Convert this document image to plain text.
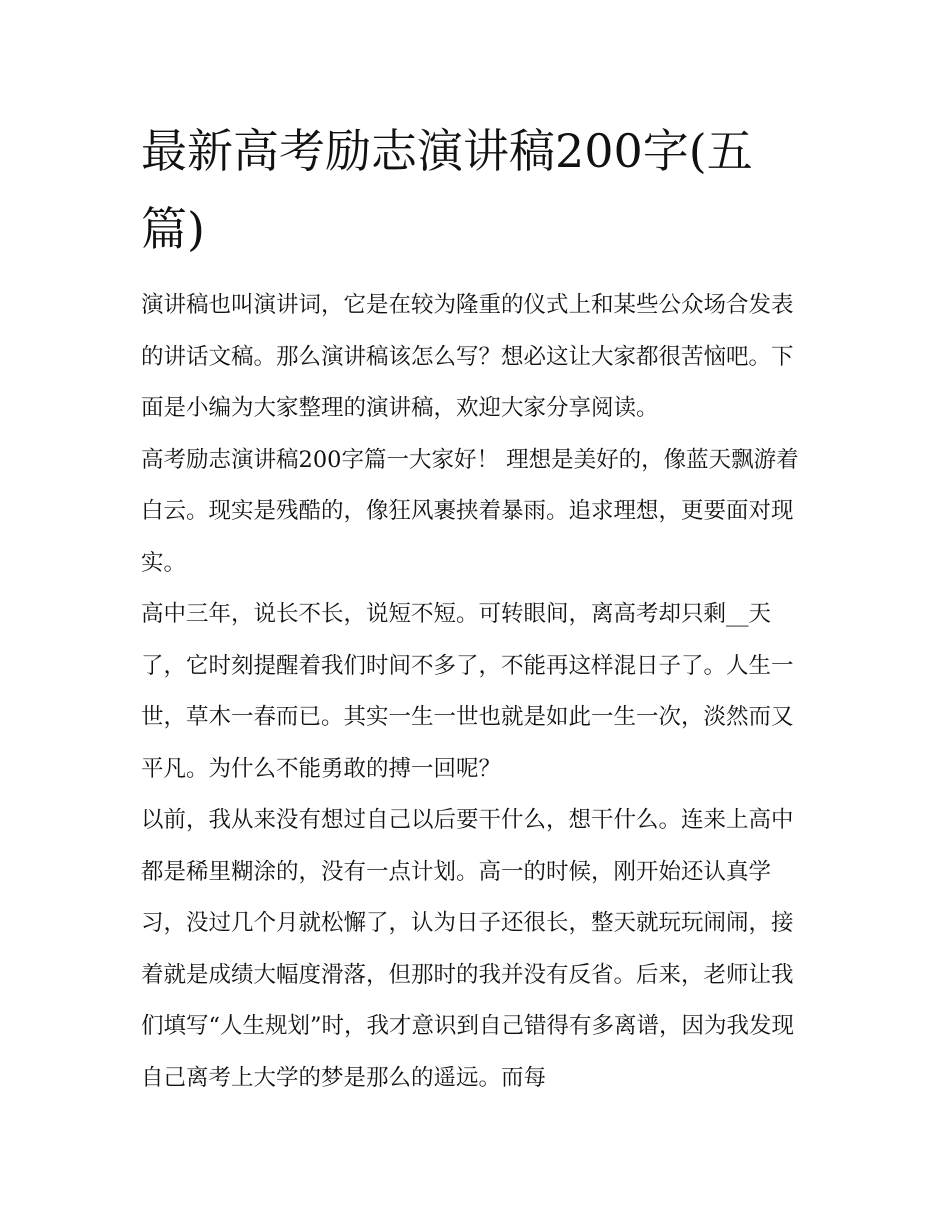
最新高考励志演讲稿200字(五篇)

演讲稿也叫演讲词，它是在较为隆重的仪式上和某些公众场合发表的讲话文稿。那么演讲稿该怎么写？想必这让大家都很苦恼吧。下面是小编为大家整理的演讲稿，欢迎大家分享阅读。

高考励志演讲稿200字篇一大家好！ 理想是美好的，像蓝天飘游着白云。现实是残酷的，像狂风裹挟着暴雨。追求理想，更要面对现实。

高中三年，说长不长，说短不短。可转眼间，离高考却只剩__天了，它时刻提醒着我们时间不多了，不能再这样混日子了。人生一世，草木一春而已。其实一生一世也就是如此一生一次，淡然而又平凡。为什么不能勇敢的搏一回呢？

以前，我从来没有想过自己以后要干什么，想干什么。连来上高中都是稀里糊涂的，没有一点计划。高一的时候，刚开始还认真学习，没过几个月就松懈了，认为日子还很长，整天就玩玩闹闹，接着就是成绩大幅度滑落，但那时的我并没有反省。后来，老师让我们填写“人生规划”时，我才意识到自己错得有多离谱，因为我发现自己离考上大学的梦是那么的遥远。而每
